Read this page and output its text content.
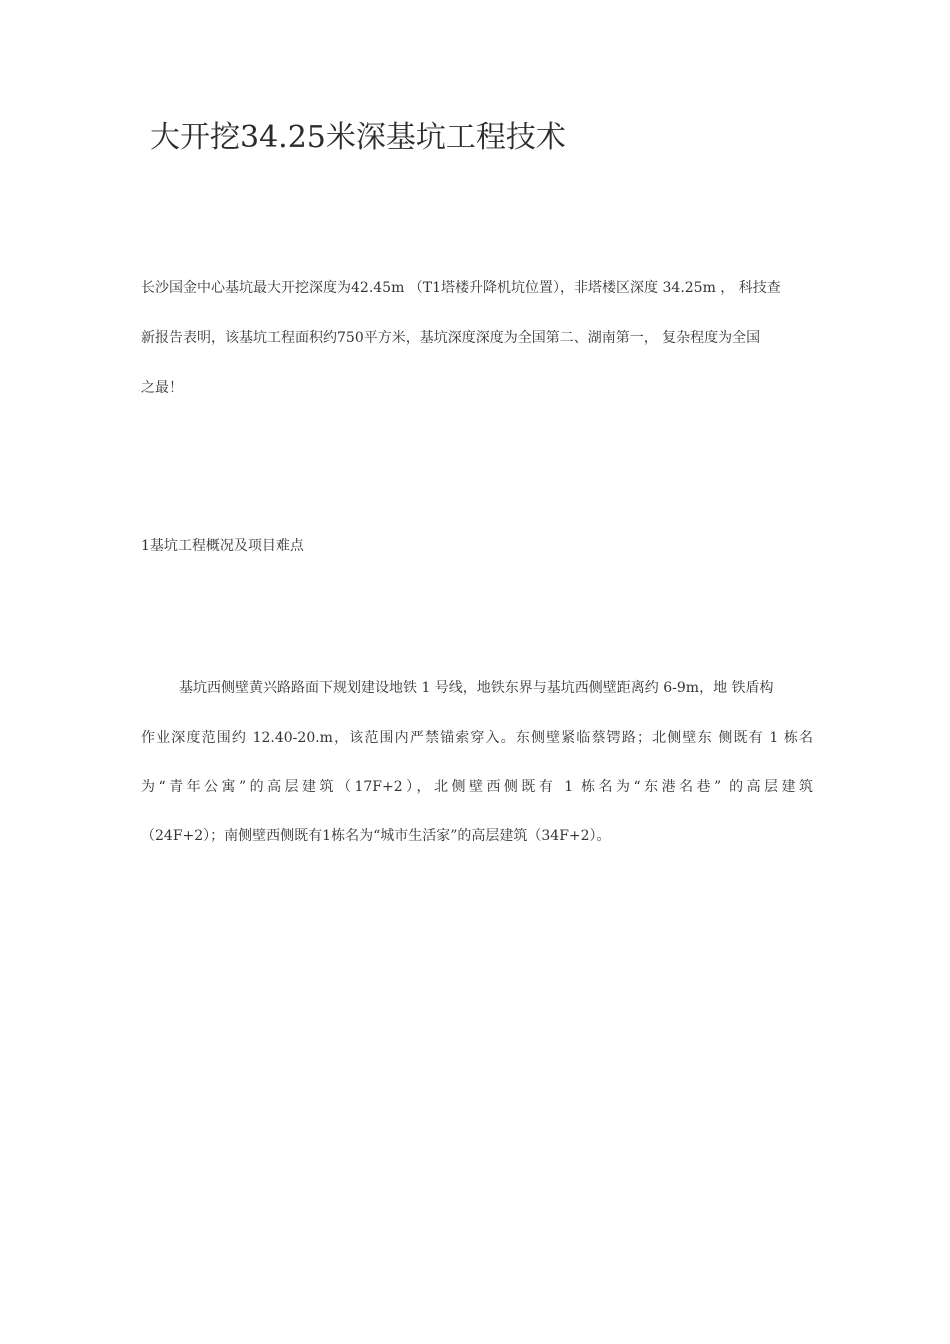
大开挖34.25米深基坑工程技术
长沙国金中心基坑最大开挖深度为42.45m （T1塔楼升降机坑位置），非塔楼区深度 34.25m ， 科技查
新报告表明，该基坑工程面积约750平方米，基坑深度深度为全国第二、湖南第一， 复杂程度为全国
之最！
1基坑工程概况及项目难点
基坑西侧壁黄兴路路面下规划建设地铁 1 号线，地铁东界与基坑西侧壁距离约 6-9m，地 铁盾构
作业深度范围约 12.40-20.m，该范围内严禁锚索穿入。东侧壁紧临蔡锷路；北侧壁东 侧既有 1 栋名
为“青年公寓”的高层建筑（17F+2），北侧壁西侧既有 1 栋名为“东港名巷” 的高层建筑
（24F+2）；南侧壁西侧既有1栋名为“城市生活家”的高层建筑（34F+2）。
